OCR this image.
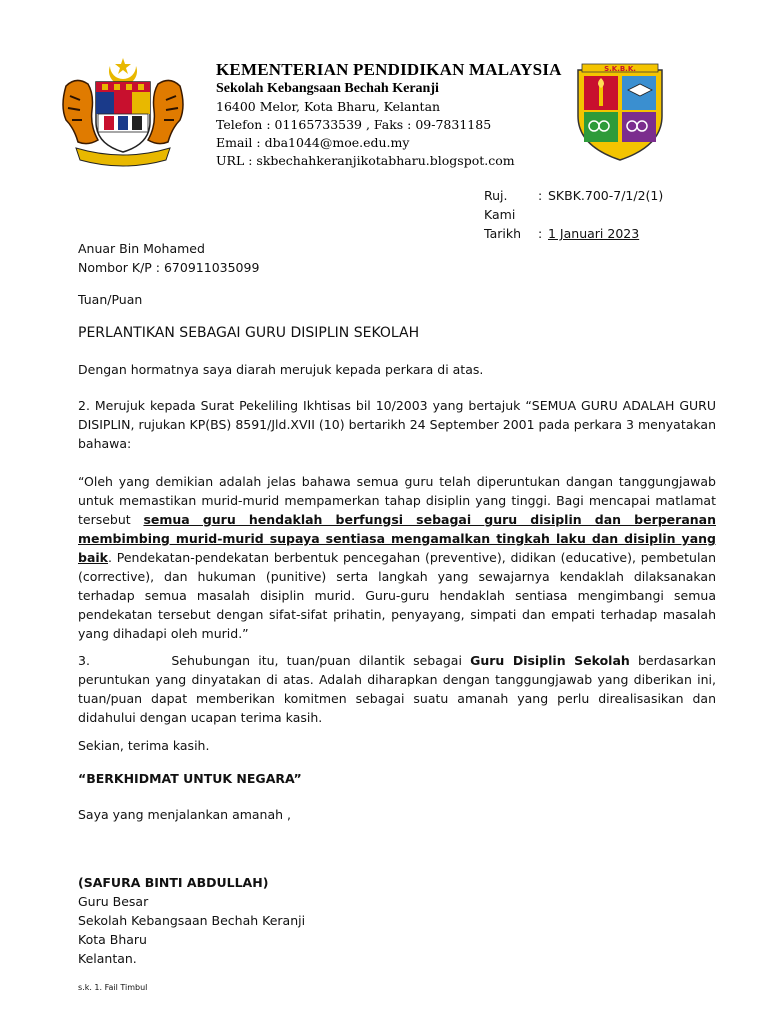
KEMENTERIAN PENDIDIKAN MALAYSIA
Sekolah Kebangsaan Bechah Keranji
16400 Melor, Kota Bharu, Kelantan
Telefon : 01165733539 , Faks : 09-7831185
Email : dba1044@moe.edu.my
URL : skbechahkeranjikotabharu.blogspot.com
S.K.B.K.
Ruj. Kami
: SKBK.700-7/1/2(1)
Tarikh	: 1 Januari 2023
Anuar Bin Mohamed
Nombor K/P : 670911035099
Tuan/Puan
PERLANTIKAN SEBAGAI GURU DISIPLIN SEKOLAH
Dengan hormatnya saya diarah merujuk kepada perkara di atas.
2. Merujuk kepada Surat Pekeliling Ikhtisas bil 10/2003 yang bertajuk “SEMUA GURU ADALAH GURU DISIPLIN, rujukan KP(BS) 8591/Jld.XVII (10) bertarikh 24 September 2001 pada perkara 3 menyatakan bahawa:
“Oleh yang demikian adalah jelas bahawa semua guru telah diperuntukan dangan tanggungjawab untuk memastikan murid-murid mempamerkan tahap disiplin yang tinggi. Bagi mencapai matlamat tersebut semua guru hendaklah berfungsi sebagai guru disiplin dan berperanan membimbing murid-murid supaya sentiasa mengamalkan tingkah laku dan disiplin yang baik. Pendekatan-pendekatan berbentuk pencegahan (preventive), didikan (educative), pembetulan (corrective), dan hukuman (punitive) serta langkah yang sewajarnya kendaklah dilaksanakan terhadap semua masalah disiplin murid. Guru-guru hendaklah sentiasa mengimbangi semua pendekatan tersebut dengan sifat-sifat prihatin, penyayang, simpati dan empati terhadap masalah yang dihadapi oleh murid.”
3.	Sehubungan itu, tuan/puan dilantik sebagai Guru Disiplin Sekolah berdasarkan peruntukan yang dinyatakan di atas. Adalah diharapkan dengan tanggungjawab yang diberikan ini, tuan/puan dapat memberikan komitmen sebagai suatu amanah yang perlu direalisasikan dan didahului dengan ucapan terima kasih.
Sekian, terima kasih.
“BERKHIDMAT UNTUK NEGARA”
Saya yang menjalankan amanah ,
(SAFURA BINTI ABDULLAH)
Guru Besar
Sekolah Kebangsaan Bechah Keranji
Kota Bharu
Kelantan.
s.k. 1. Fail Timbul
